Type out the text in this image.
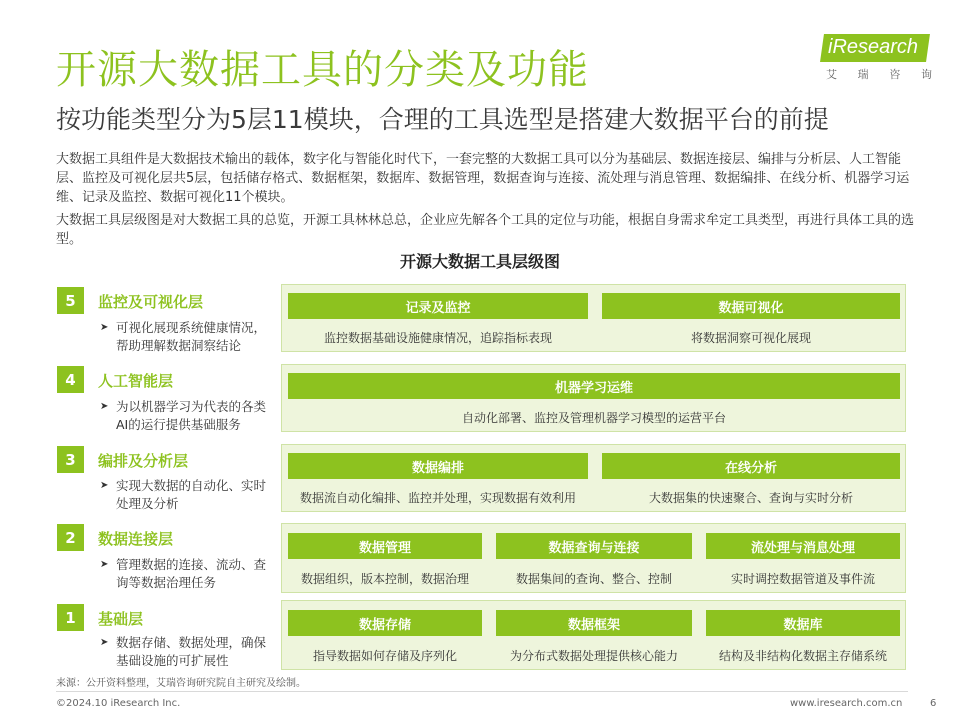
开源大数据工具的分类及功能
按功能类型分为5层11模块，合理的工具选型是搭建大数据平台的前提
iResearch
艾 瑞 咨 询
大数据工具组件是大数据技术输出的载体，数字化与智能化时代下，一套完整的大数据工具可以分为基础层、数据连接层、编排与分析层、人工智能层、监控及可视化层共5层，包括储存格式、数据框架，数据库、数据管理，数据查询与连接、流处理与消息管理、数据编排、在线分析、机器学习运维、记录及监控、数据可视化11个模块。
大数据工具层级图是对大数据工具的总览，开源工具林林总总，企业应先解各个工具的定位与功能，根据自身需求牟定工具类型，再进行具体工具的选型。
开源大数据工具层级图
5	监控及可视化层
➤ 可视化展现系统健康情况，帮助理解数据洞察结论
记录及监控
监控数据基础设施健康情况，追踪指标表现
数据可视化
将数据洞察可视化展现
4	人工智能层
➤ 为以机器学习为代表的各类AI的运行提供基础服务
机器学习运维
自动化部署、监控及管理机器学习模型的运营平台
3	编排及分析层
➤ 实现大数据的自动化、实时处理及分析
数据编排
数据流自动化编排、监控并处理，实现数据有效利用
在线分析
大数据集的快速聚合、查询与实时分析
2	数据连接层
➤ 管理数据的连接、流动、查询等数据治理任务
数据管理
数据组织，版本控制，数据治理
数据查询与连接
数据集间的查询、整合、控制
流处理与消息处理
实时调控数据管道及事件流
1	基础层
➤ 数据存储、数据处理，确保基础设施的可扩展性
数据存储
指导数据如何存储及序列化
数据框架
为分布式数据处理提供核心能力
数据库
结构及非结构化数据主存储系统
来源：公开资料整理，艾瑞咨询研究院自主研究及绘制。
©2024.10 iResearch Inc.	www.iresearch.com.cn	6
